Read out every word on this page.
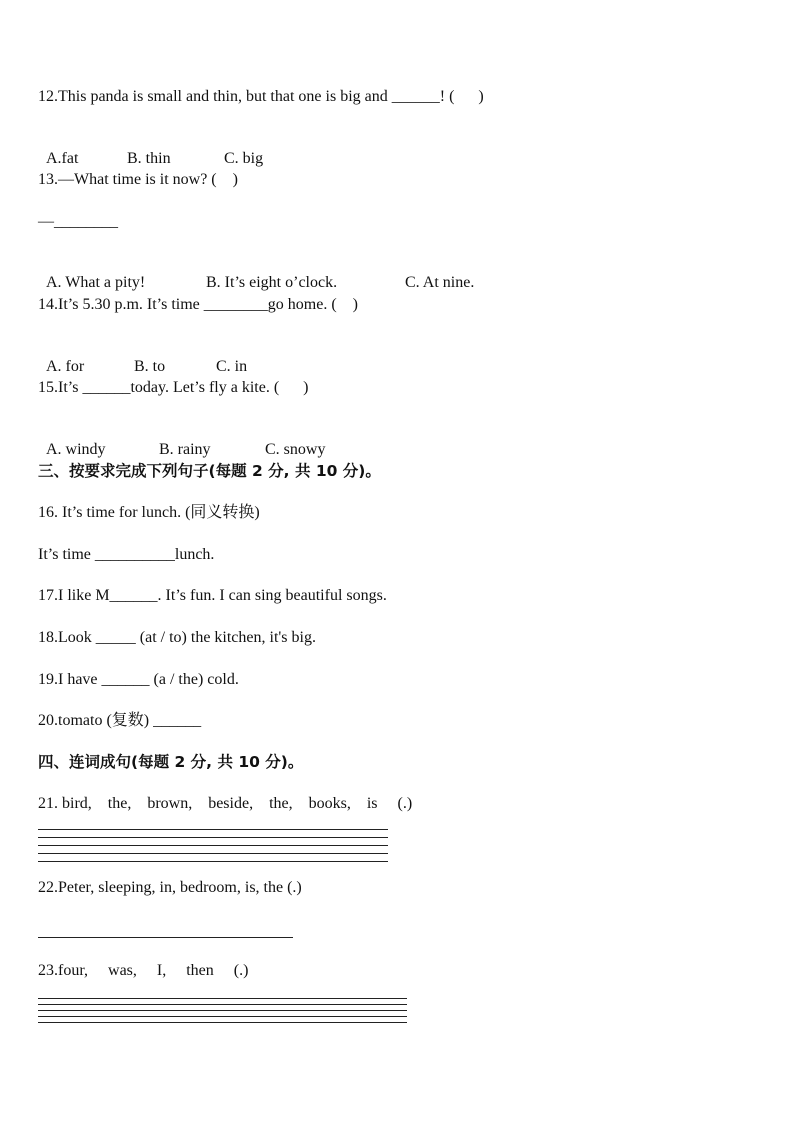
12.This panda is small and thin, but that one is big and ______! (      )

A.fat	B. thin	C. big

13.—What time is it now? (    )
—________

A. What a pity!	B. It’s eight o’clock.	C. At nine.

14.It’s 5.30 p.m. It’s time ________go home. (    )

A. for	B. to	C. in

15.It’s ______today. Let’s fly a kite. (      )

A. windy	B. rainy	C. snowy

三、按要求完成下列句子(每题 2 分, 共 10 分)。
16. It’s time for lunch. (同义转换)
It’s time __________lunch.
17.I like M______. It’s fun. I can sing beautiful songs.
18.Look _____ (at / to) the kitchen, it's big.
19.I have ______ (a / the) cold.
20.tomato (复数) ______
四、连词成句(每题 2 分, 共 10 分)。
21. bird,    the,    brown,    beside,    the,    books,    is     (.)
22.Peter, sleeping, in, bedroom, is, the (.)
23.four,     was,     I,     then     (.)
